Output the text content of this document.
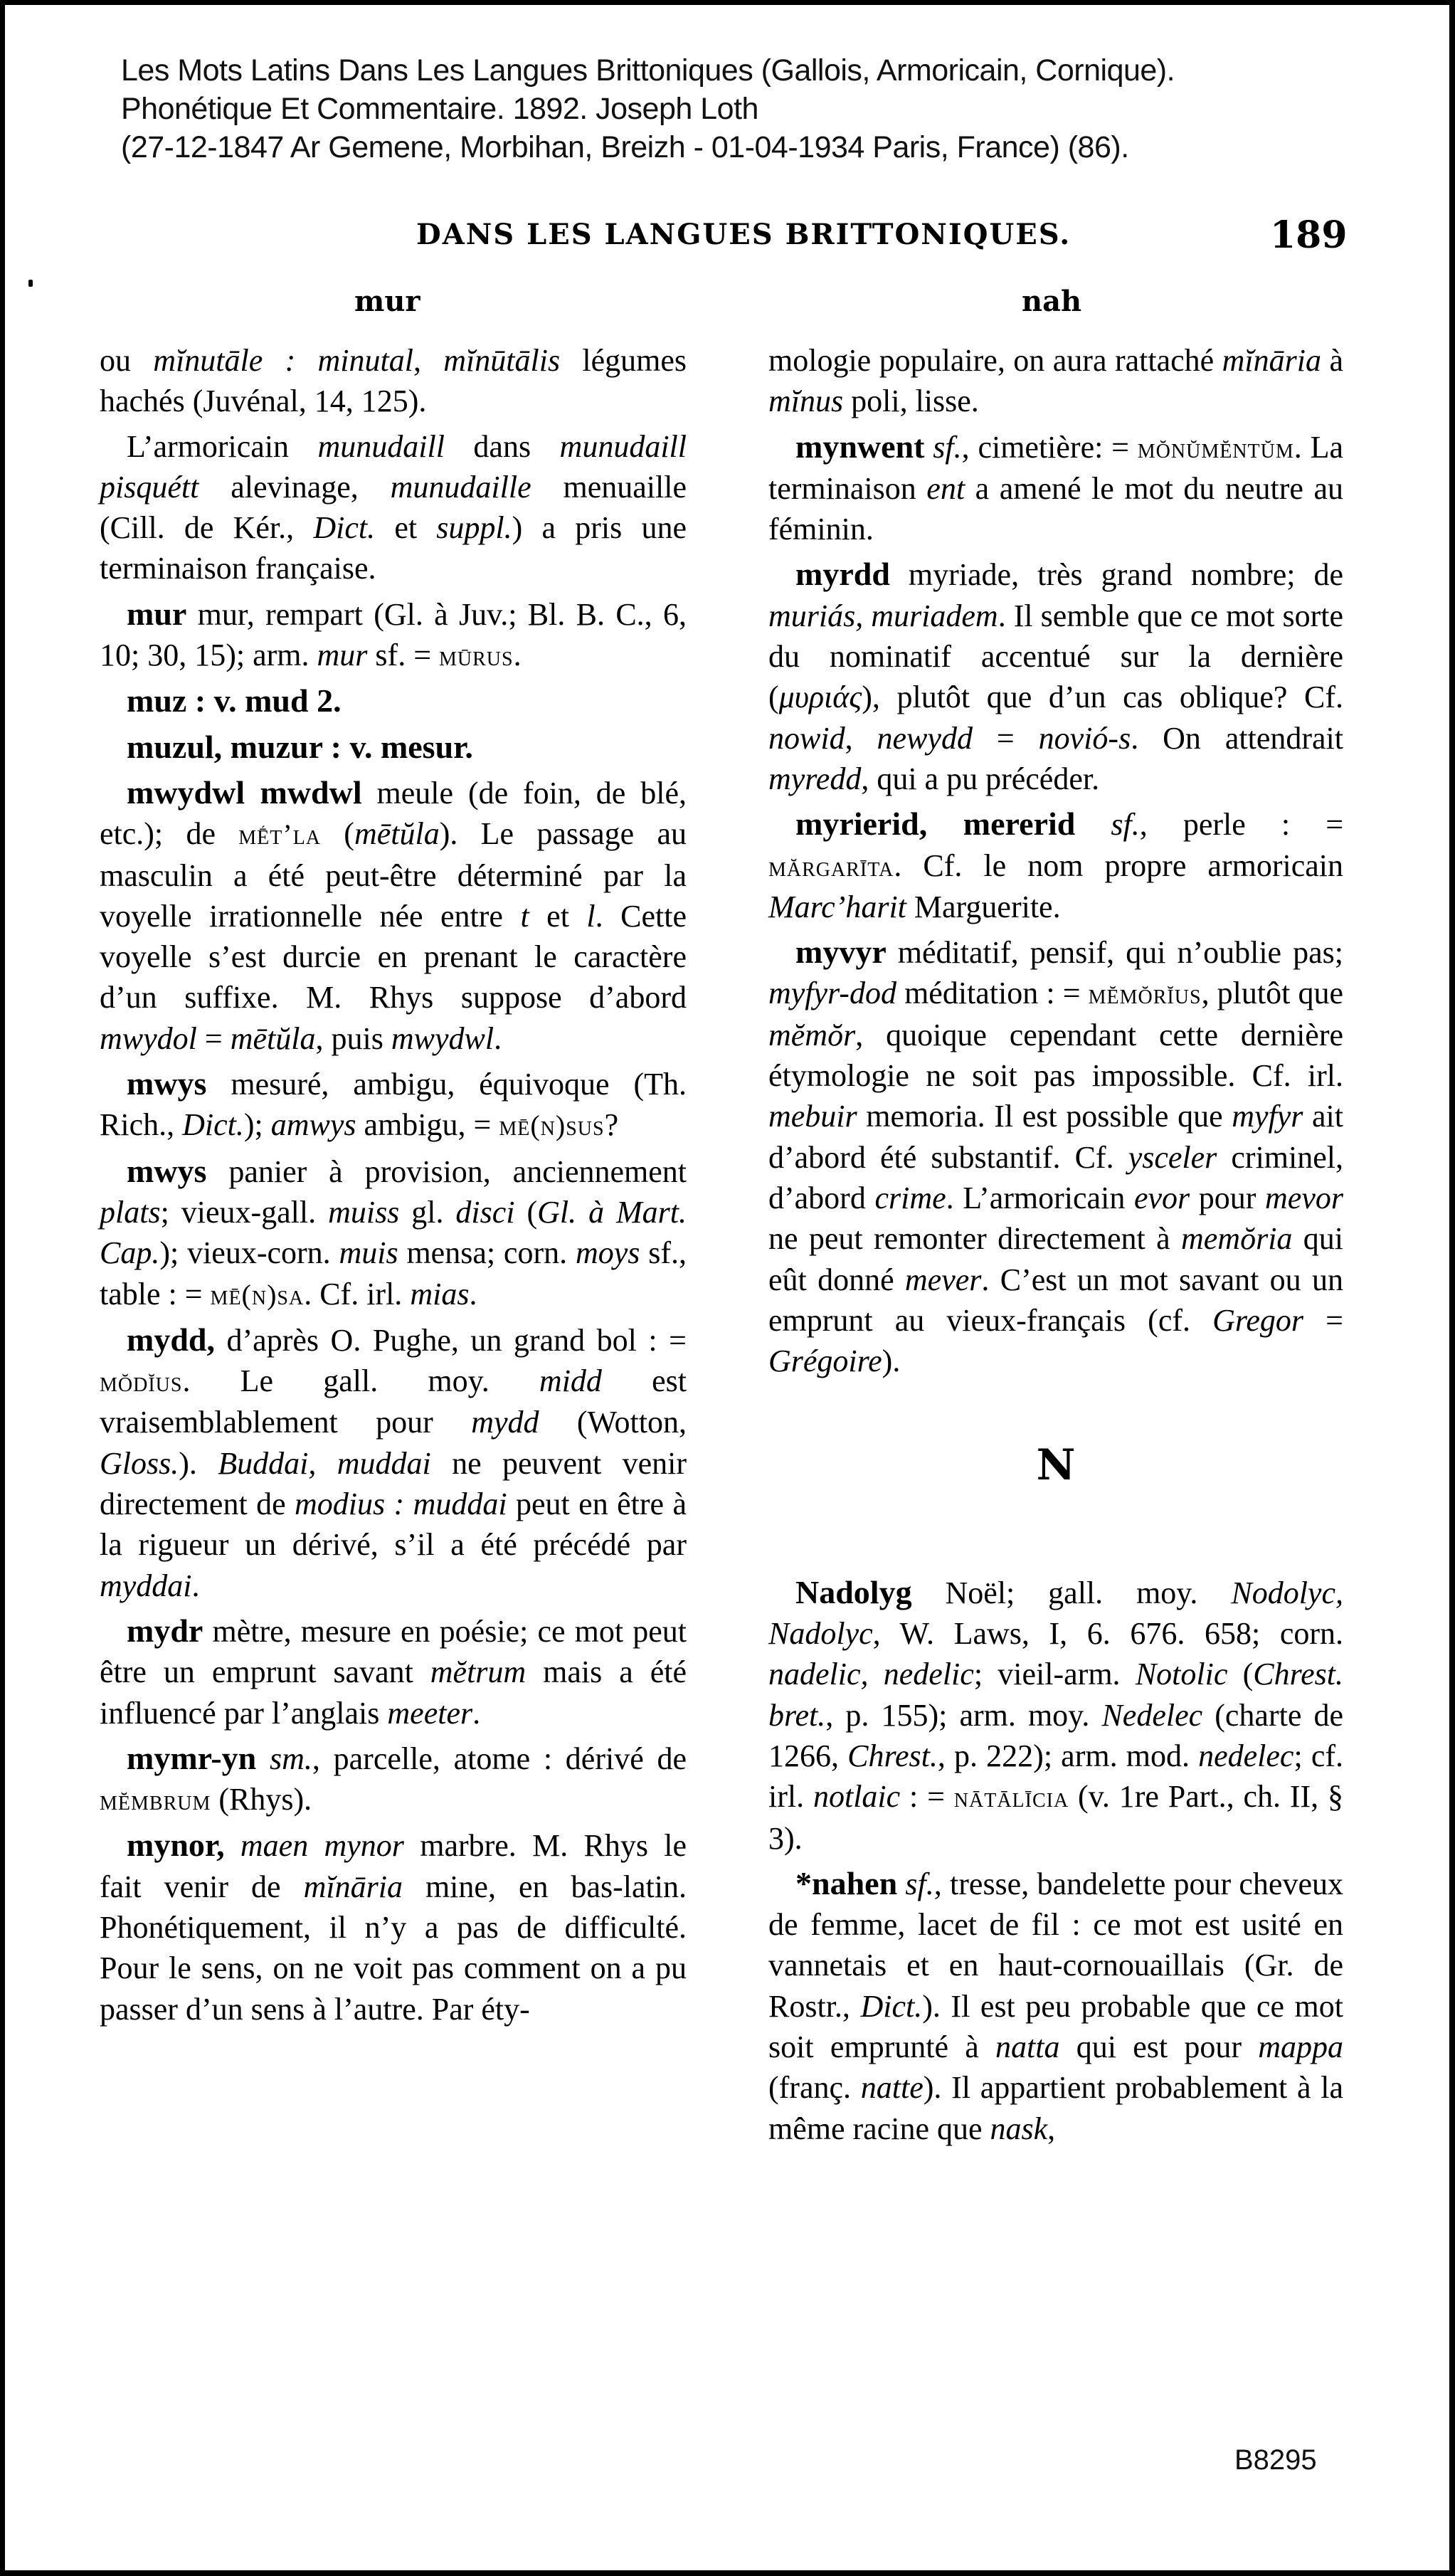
Les Mots Latins Dans Les Langues Brittoniques (Gallois, Armoricain, Cornique).
Phonétique Et Commentaire. 1892. Joseph Loth
(27-12-1847 Ar Gemene, Morbihan, Breizh - 01-04-1934 Paris, France) (86).
DANS LES LANGUES BRITTONIQUES.	189
mur	nah

ou mĭnutāle : minutal, mĭnūtālis légumes hachés (Juvénal, 14, 125).

L’armoricain munudaill dans munudaill pisquétt alevinage, munudaille menuaille (Cill. de Kér., Dict. et suppl.) a pris une terminaison française.

mur mur, rempart (Gl. à Juv.; Bl. B. C., 6, 10; 30, 15); arm. mur sf. = mūrus.

muz : v. mud 2.

muzul, muzur : v. mesur.

mwydwl mwdwl meule (de foin, de blé, etc.); de mḗt’la (mētŭla). Le passage au masculin a été peut-être déterminé par la voyelle irrationnelle née entre t et l. Cette voyelle s’est durcie en prenant le caractère d’un suffixe. M. Rhys suppose d’abord mwydol = mētŭla, puis mwydwl.

mwys mesuré, ambigu, équivoque (Th. Rich., Dict.); amwys ambigu, = mē(n)sus?

mwys panier à provision, anciennement plats; vieux-gall. muiss gl. disci (Gl. à Mart. Cap.); vieux-corn. muis mensa; corn. moys sf., table : = mē(n)sa. Cf. irl. mias.

mydd, d’après O. Pughe, un grand bol : = mŏdĭus. Le gall. moy. midd est vraisemblablement pour mydd (Wotton, Gloss.). Buddai, muddai ne peuvent venir directement de modius : muddai peut en être à la rigueur un dérivé, s’il a été précédé par myddai.

mydr mètre, mesure en poésie; ce mot peut être un emprunt savant mĕtrum mais a été influencé par l’anglais meeter.

mymr-yn sm., parcelle, atome : dérivé de mĕmbrum (Rhys).

mynor, maen mynor marbre. M. Rhys le fait venir de mĭnāria mine, en bas-latin. Phonétiquement, il n’y a pas de difficulté. Pour le sens, on ne voit pas comment on a pu passer d’un sens à l’autre. Par éty-

mologie populaire, on aura rattaché mĭnāria à mĭnus poli, lisse.

mynwent sf., cimetière: = mŏnŭmĕntŭm. La terminaison ent a amené le mot du neutre au féminin.

myrdd myriade, très grand nombre; de muriás, muriadem. Il semble que ce mot sorte du nominatif accentué sur la dernière (μυριάς), plutôt que d’un cas oblique? Cf. nowid, newydd = novió-s. On attendrait myredd, qui a pu précéder.

myrierid, mererid sf., perle : = mărgarīta. Cf. le nom propre armoricain Marc’harit Marguerite.

myvyr méditatif, pensif, qui n’oublie pas; myfyr-dod méditation : = mĕmŏrĭus, plutôt que mĕmŏr, quoique cependant cette dernière étymologie ne soit pas impossible. Cf. irl. mebuir memoria. Il est possible que myfyr ait d’abord été substantif. Cf. ysceler criminel, d’abord crime. L’armoricain evor pour mevor ne peut remonter directement à memŏria qui eût donné mever. C’est un mot savant ou un emprunt au vieux-français (cf. Gregor = Grégoire).

N

Nadolyg Noël; gall. moy. Nodolyc, Nadolyc, W. Laws, I, 6. 676. 658; corn. nadelic, nedelic; vieil-arm. Notolic (Chrest. bret., p. 155); arm. moy. Nedelec (charte de 1266, Chrest., p. 222); arm. mod. nedelec; cf. irl. notlaic : = nātālīcia (v. 1re Part., ch. II, § 3).

*nahen sf., tresse, bandelette pour cheveux de femme, lacet de fil : ce mot est usité en vannetais et en haut-cornouaillais (Gr. de Rostr., Dict.). Il est peu probable que ce mot soit emprunté à natta qui est pour mappa (franç. natte). Il appartient probablement à la même racine que nask,

B8295
